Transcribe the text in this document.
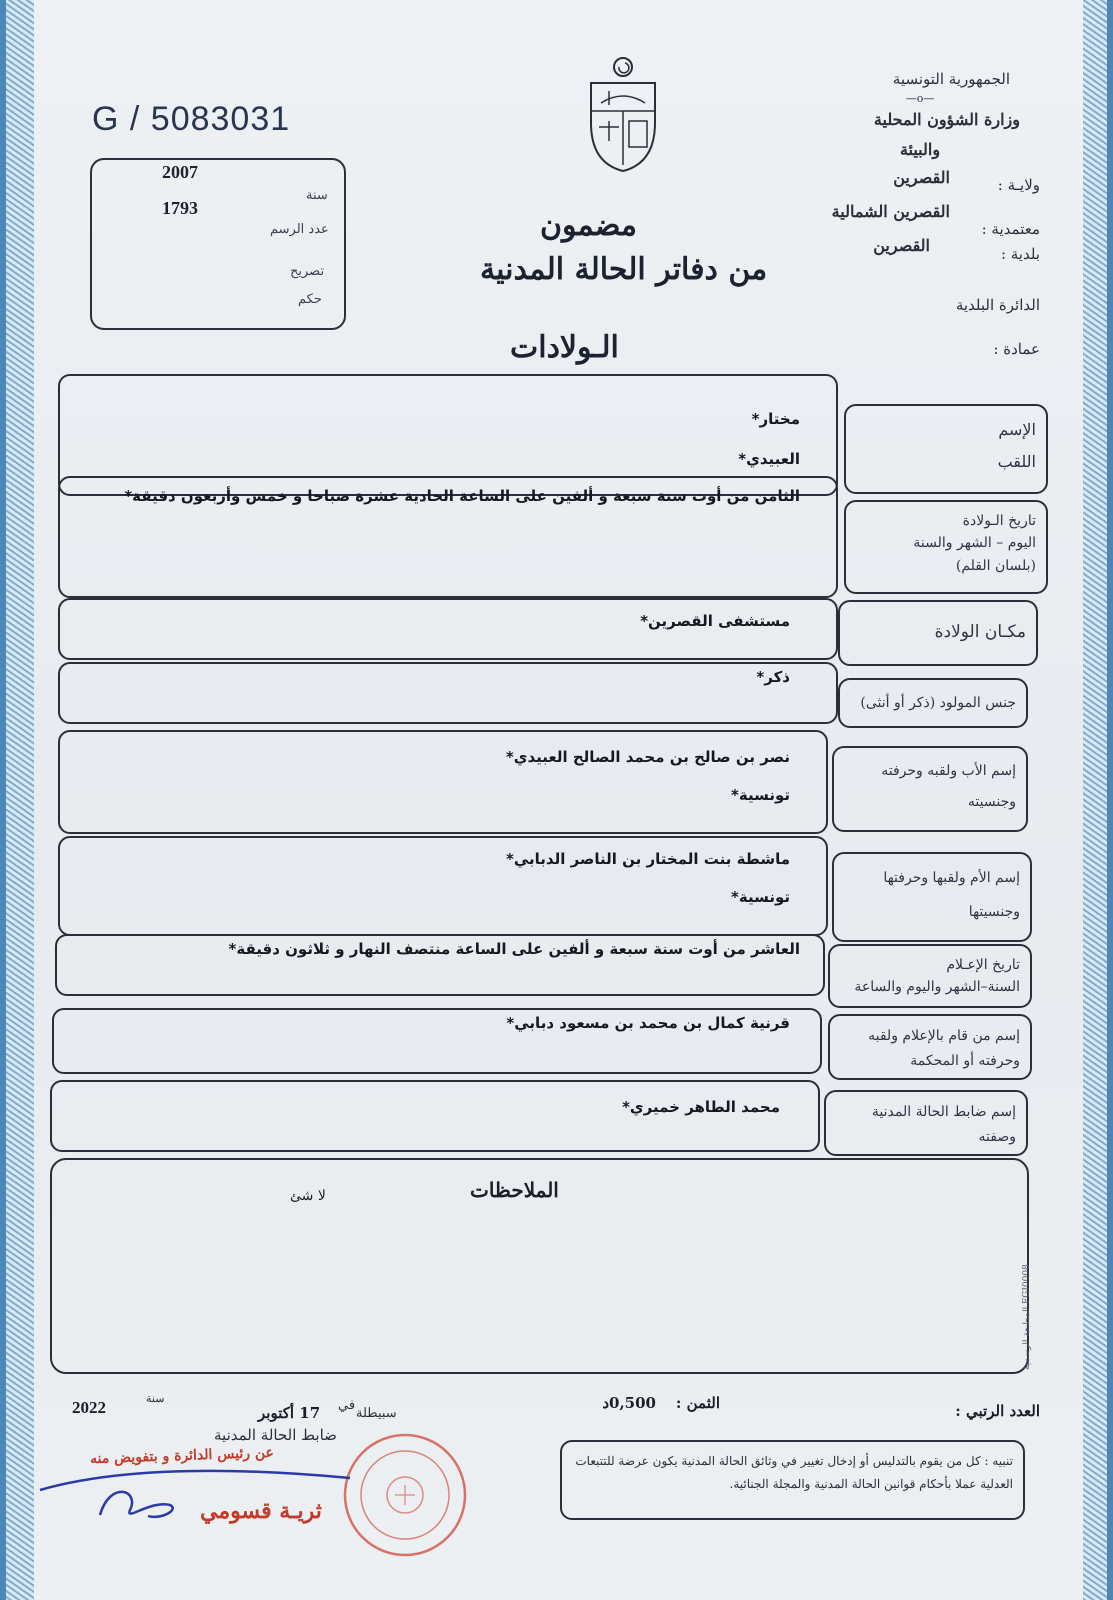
G / 5083031
2007
سنة
1793
عدد الرسم
تصريح
حكم
الجمهورية التونسية
—o—
وزارة الشؤون المحلية
والبيئة
ولايـة :
القصرين
معتمدية :
القصرين الشمالية
بلدية :
القصرين
الدائرة البلدية
عمادة :
مضمون
من دفاتر الحالة المدنية
الـولادات
الإسم
اللقب
مختار*
العبيدي*
تاريخ الـولادة
اليوم – الشهر والسنة
(بلسان القلم)
الثامن من أوت سنة سبعة و ألفين على الساعة الحادية عشرة صباحا و خمس وأربعون دقيقة*
مكـان الولادة
مستشفى القصرين*
جنس المولود (ذكر أو أنثى)
ذكر*
إسم الأب ولقبه وحرفته
وجنسيته
نصر بن صالح بن محمد الصالح العبيدي*
تونسية*
إسم الأم ولقبها وحرفتها
وجنسيتها
ماشطة بنت المختار بن الناصر الدبابي*
تونسية*
تاريخ الإعـلام
السنة–الشهر واليوم والساعة
العاشر من أوت سنة سبعة و ألفين على الساعة منتصف النهار و ثلاثون دقيقة*
إسم من قام بالإعلام ولقبه
وحرفته أو المحكمة
قرنية كمال بن محمد بن مسعود دبابي*
إسم ضابط الحالة المدنية
وصفته
محمد الطاهر خميري*
الملاحظات
لا شئ
المطبعة الرسمية FGI0008
العدد الرتبي :
الثمن :
0,500د
سبيطلة
في
17 أكتوبر
سنة
2022
ضابط الحالة المدنية
عن رئيس الدائرة و بتفويض منه
ثريـة قسومي
تنبيه : كل من يقوم بالتدليس أو إدخال تغيير في وثائق الحالة المدنية يكون عرضة للتتبعات العدلية عملا بأحكام قوانين الحالة المدنية والمجلة الجنائية.
